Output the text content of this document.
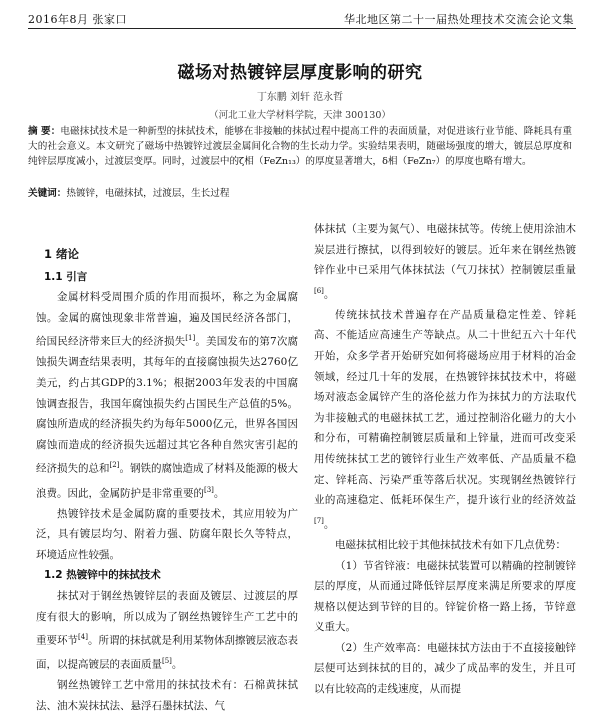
2016年8月 张家口	华北地区第二十一届热处理技术交流会论文集
磁场对热镀锌层厚度影响的研究
丁东鹏 刘轩 范永哲
（河北工业大学材料学院，天津 300130）
摘 要：电磁抹拭技术是一种新型的抹拭技术，能够在非接触的抹拭过程中提高工件的表面质量，对促进该行业节能、降耗具有重大的社会意义。本文研究了磁场中热镀锌过渡层金属间化合物的生长动力学。实验结果表明，随磁场强度的增大，镀层总厚度和纯锌层厚度减小，过渡层变厚。同时，过渡层中的ζ相（FeZn₁₃）的厚度显著增大，δ相（FeZn₇）的厚度也略有增大。
关键词：热镀锌，电磁抹拭，过渡层，生长过程
1 绪论
1.1 引言

金属材料受周围介质的作用而损坏，称之为金属腐蚀。金属的腐蚀现象非常普遍，遍及国民经济各部门，给国民经济带来巨大的经济损失[1]。美国发布的第7次腐蚀损失调查结果表明，其每年的直接腐蚀损失达2760亿美元，约占其GDP的3.1%；根据2003年发表的中国腐蚀调查报告，我国年腐蚀损失约占国民生产总值的5%。腐蚀所造成的经济损失约为每年5000亿元，世界各国因腐蚀而造成的经济损失远超过其它各种自然灾害引起的经济损失的总和[2]。钢铁的腐蚀造成了材料及能源的极大浪费。因此，金属防护是非常重要的[3]。

热镀锌技术是金属防腐的重要技术，其应用较为广泛，具有镀层均匀、附着力强、防腐年限长久等特点，环境适应性较强。

1.2 热镀锌中的抹拭技术

抹拭对于钢丝热镀锌层的表面及镀层、过渡层的厚度有很大的影响，所以成为了钢丝热镀锌生产工艺中的重要环节[4]。所谓的抹拭就是利用某物体刮擦镀层液态表面，以提高镀层的表面质量[5]。

钢丝热镀锌工艺中常用的抹拭技术有：石棉黄抹拭法、油木炭抹拭法、悬浮石墨抹拭法、气

体抹拭（主要为氮气）、电磁抹拭等。传统上使用涂油木炭层进行擦拭，以得到较好的镀层。近年来在钢丝热镀锌作业中已采用气体抹拭法（气刀抹拭）控制镀层重量[6]。

传统抹拭技术普遍存在产品质量稳定性差、锌耗高、不能适应高速生产等缺点。从二十世纪五六十年代开始，众多学者开始研究如何将磁场应用于材料的冶金领域，经过几十年的发展，在热镀锌抹拭技术中，将磁场对液态金属锌产生的洛伦兹力作为抹拭力的方法取代为非接触式的电磁抹拭工艺，通过控制浴化磁力的大小和分布，可精确控制镀层质量和上锌量，进而可改变采用传统抹拭工艺的镀锌行业生产效率低、产品质量不稳定、锌耗高、污染严重等落后状况。实现钢丝热镀锌行业的高速稳定、低耗环保生产，提升该行业的经济效益[7]。

电磁抹拭相比较于其他抹拭技术有如下几点优势：

（1）节省锌液：电磁抹拭装置可以精确的控制镀锌层的厚度，从而通过降低锌层厚度来满足所要求的厚度规格以便达到节锌的目的。锌锭价格一路上扬，节锌意义重大。

（2）生产效率高：电磁抹拭方法由于不直接接触锌层便可达到抹拭的目的，减少了成品率的发生，并且可以有比较高的走线速度，从而提
